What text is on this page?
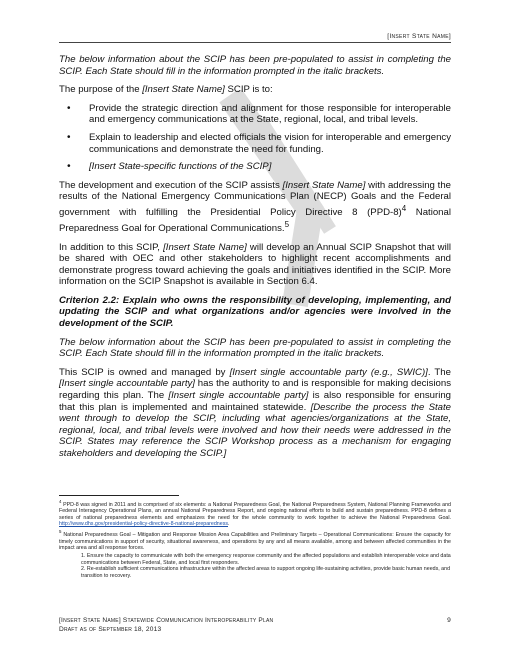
[Insert State Name]

The below information about the SCIP has been pre-populated to assist in completing the SCIP. Each State should fill in the information prompted in the italic brackets.

The purpose of the [Insert State Name] SCIP is to:

• Provide the strategic direction and alignment for those responsible for interoperable and emergency communications at the State, regional, local, and tribal levels.
• Explain to leadership and elected officials the vision for interoperable and emergency communications and demonstrate the need for funding.
• [Insert State-specific functions of the SCIP]

The development and execution of the SCIP assists [Insert State Name] with addressing the results of the National Emergency Communications Plan (NECP) Goals and the Federal government with fulfilling the Presidential Policy Directive 8 $(PPD-8)^4$ National Preparedness Goal for Operational Communications.$^5$

In addition to this SCIP, [Insert State Name] will develop an Annual SCIP Snapshot that will be shared with OEC and other stakeholders to highlight recent accomplishments and demonstrate progress toward achieving the goals and initiatives identified in the SCIP. More information on the SCIP Snapshot is available in Section 6.4.

Criterion 2.2: Explain who owns the responsibility of developing, implementing, and updating the SCIP and what organizations and/or agencies were involved in the development of the SCIP.

The below information about the SCIP has been pre-populated to assist in completing the SCIP. Each State should fill in the information prompted in the italic brackets.

This SCIP is owned and managed by [Insert single accountable party (e.g., SWIC)]. The [Insert single accountable party] has the authority to and is responsible for making decisions regarding this plan. The [Insert single accountable party] is also responsible for ensuring that this plan is implemented and maintained statewide. [Describe the process the State went through to develop the SCIP, including what agencies/organizations at the State, regional, local, and tribal levels were involved and how their needs were addressed in the SCIP. States may reference the SCIP Workshop process as a mechanism for engaging stakeholders and developing the SCIP.]

$^4$ PPD-8 was signed in 2011 and is comprised of six elements: a National Preparedness Goal, the National Preparedness System, National Planning Frameworks and Federal Interagency Operational Plans, an annual National Preparedness Report, and ongoing national efforts to build and sustain preparedness. PPD-8 defines a series of national preparedness elements and emphasizes the need for the whole community to work together to achieve the National Preparedness Goal. http://www.dhs.gov/presidential-policy-directive-8-national-preparedness.

$^5$ National Preparedness Goal – Mitigation and Response Mission Area Capabilities and Preliminary Targets – Operational Communications: Ensure the capacity for timely communications in support of security, situational awareness, and operations by any and all means available, among and between affected communities in the impact area and all response forces.

1. Ensure the capacity to communicate with both the emergency response community and the affected populations and establish interoperable voice and data communications between Federal, State, and local first responders.
2. Re-establish sufficient communications infrastructure within the affected areas to support ongoing life-sustaining activities, provide basic human needs, and transition to recovery.
[Insert State Name] Statewide Communication Interoperability Plan
Draft as of September 18, 2013
9
